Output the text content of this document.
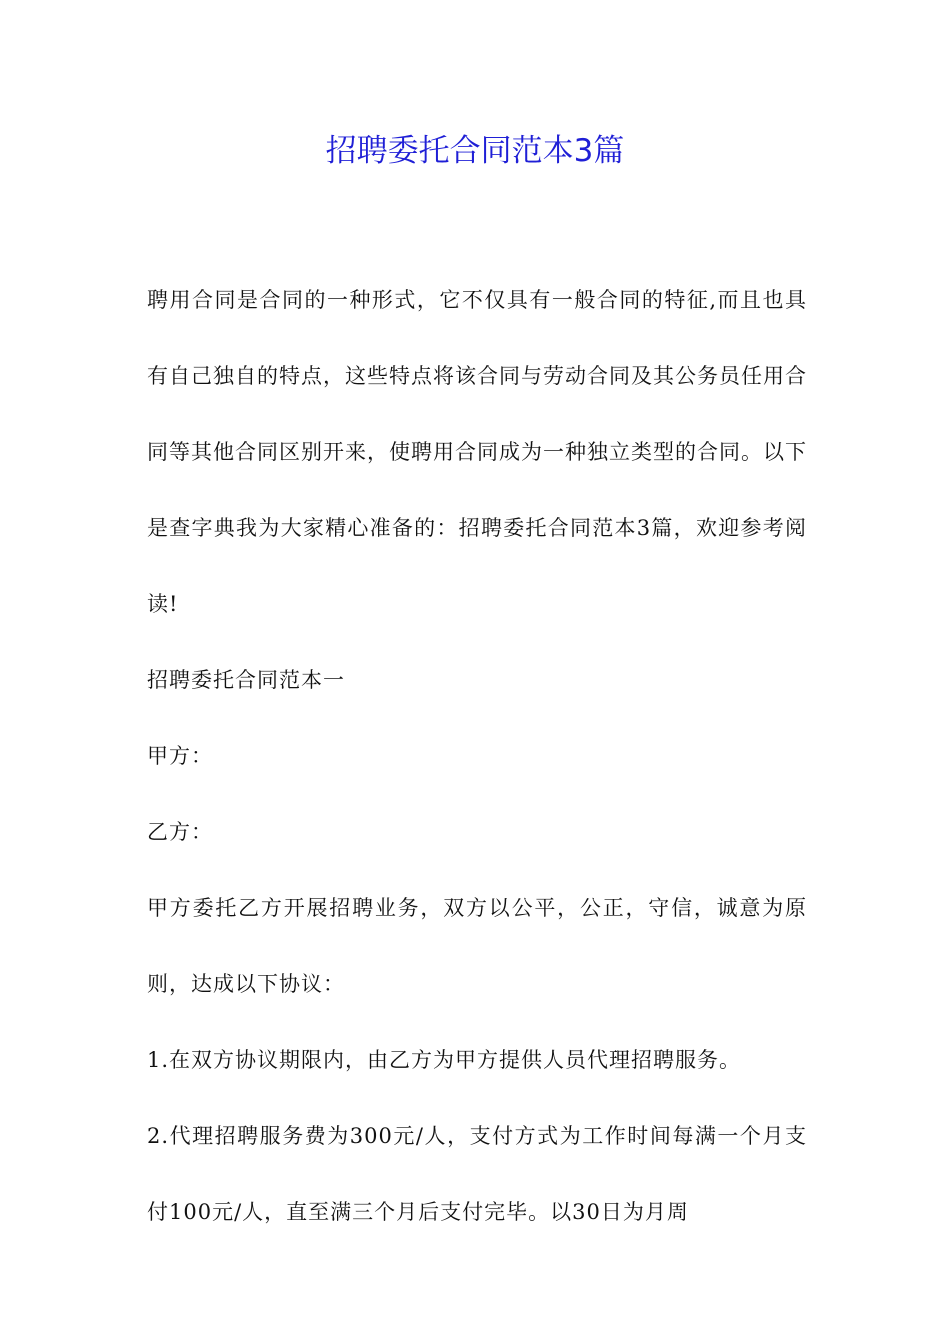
招聘委托合同范本3篇

聘用合同是合同的一种形式，它不仅具有一般合同的特征,而且也具有自己独自的特点，这些特点将该合同与劳动合同及其公务员任用合同等其他合同区别开来，使聘用合同成为一种独立类型的合同。以下是查字典我为大家精心准备的：招聘委托合同范本3篇，欢迎参考阅读!

招聘委托合同范本一

甲方：

乙方：

甲方委托乙方开展招聘业务，双方以公平，公正，守信，诚意为原则，达成以下协议：

1.在双方协议期限内，由乙方为甲方提供人员代理招聘服务。

2.代理招聘服务费为300元/人，支付方式为工作时间每满一个月支付100元/人，直至满三个月后支付完毕。以30日为月周
